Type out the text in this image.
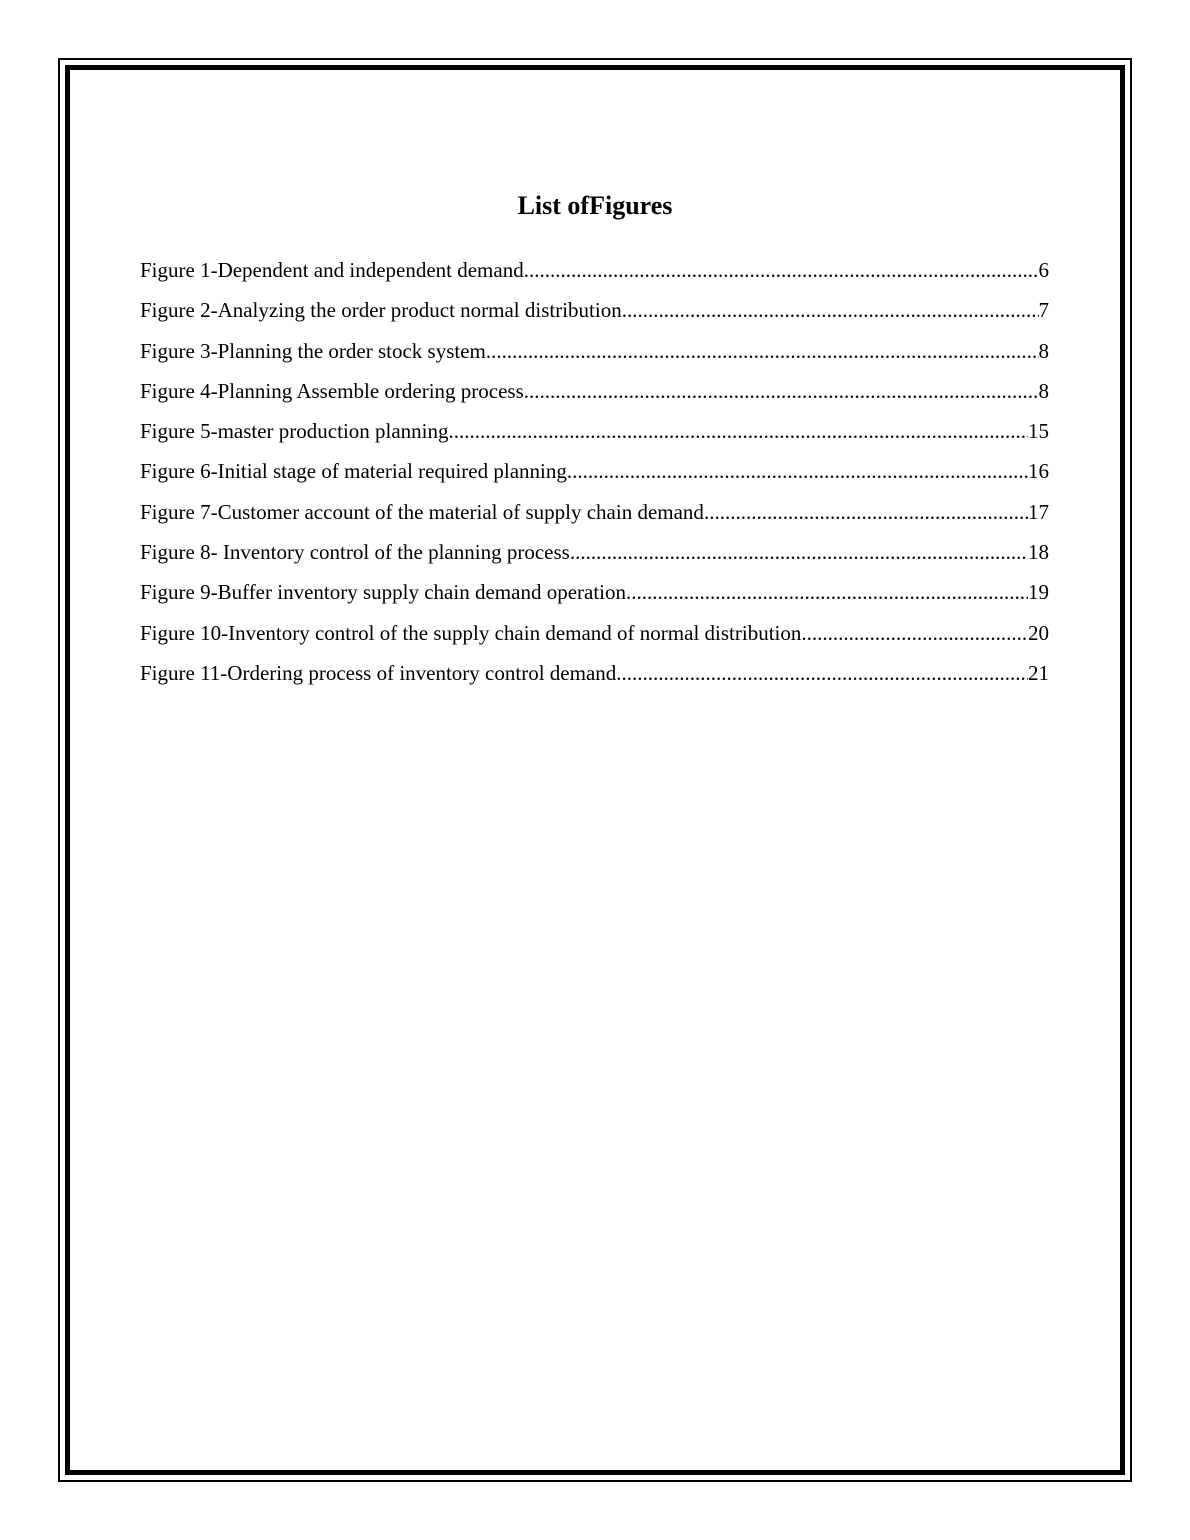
List ofFigures
Figure 1-Dependent and independent demand .....	6
Figure 2-Analyzing the order product normal distribution .....	7
Figure 3-Planning the order stock system .....	8
Figure 4-Planning Assemble ordering process .....	8
Figure 5-master production planning .....	15
Figure 6-Initial stage of material required planning .....	16
Figure 7-Customer account of the material of supply chain demand .....	17
Figure 8- Inventory control of the planning process .....	18
Figure 9-Buffer inventory supply chain demand operation .....	19
Figure 10-Inventory control of the supply chain demand of normal distribution .....	20
Figure 11-Ordering process of inventory control demand .....	21
